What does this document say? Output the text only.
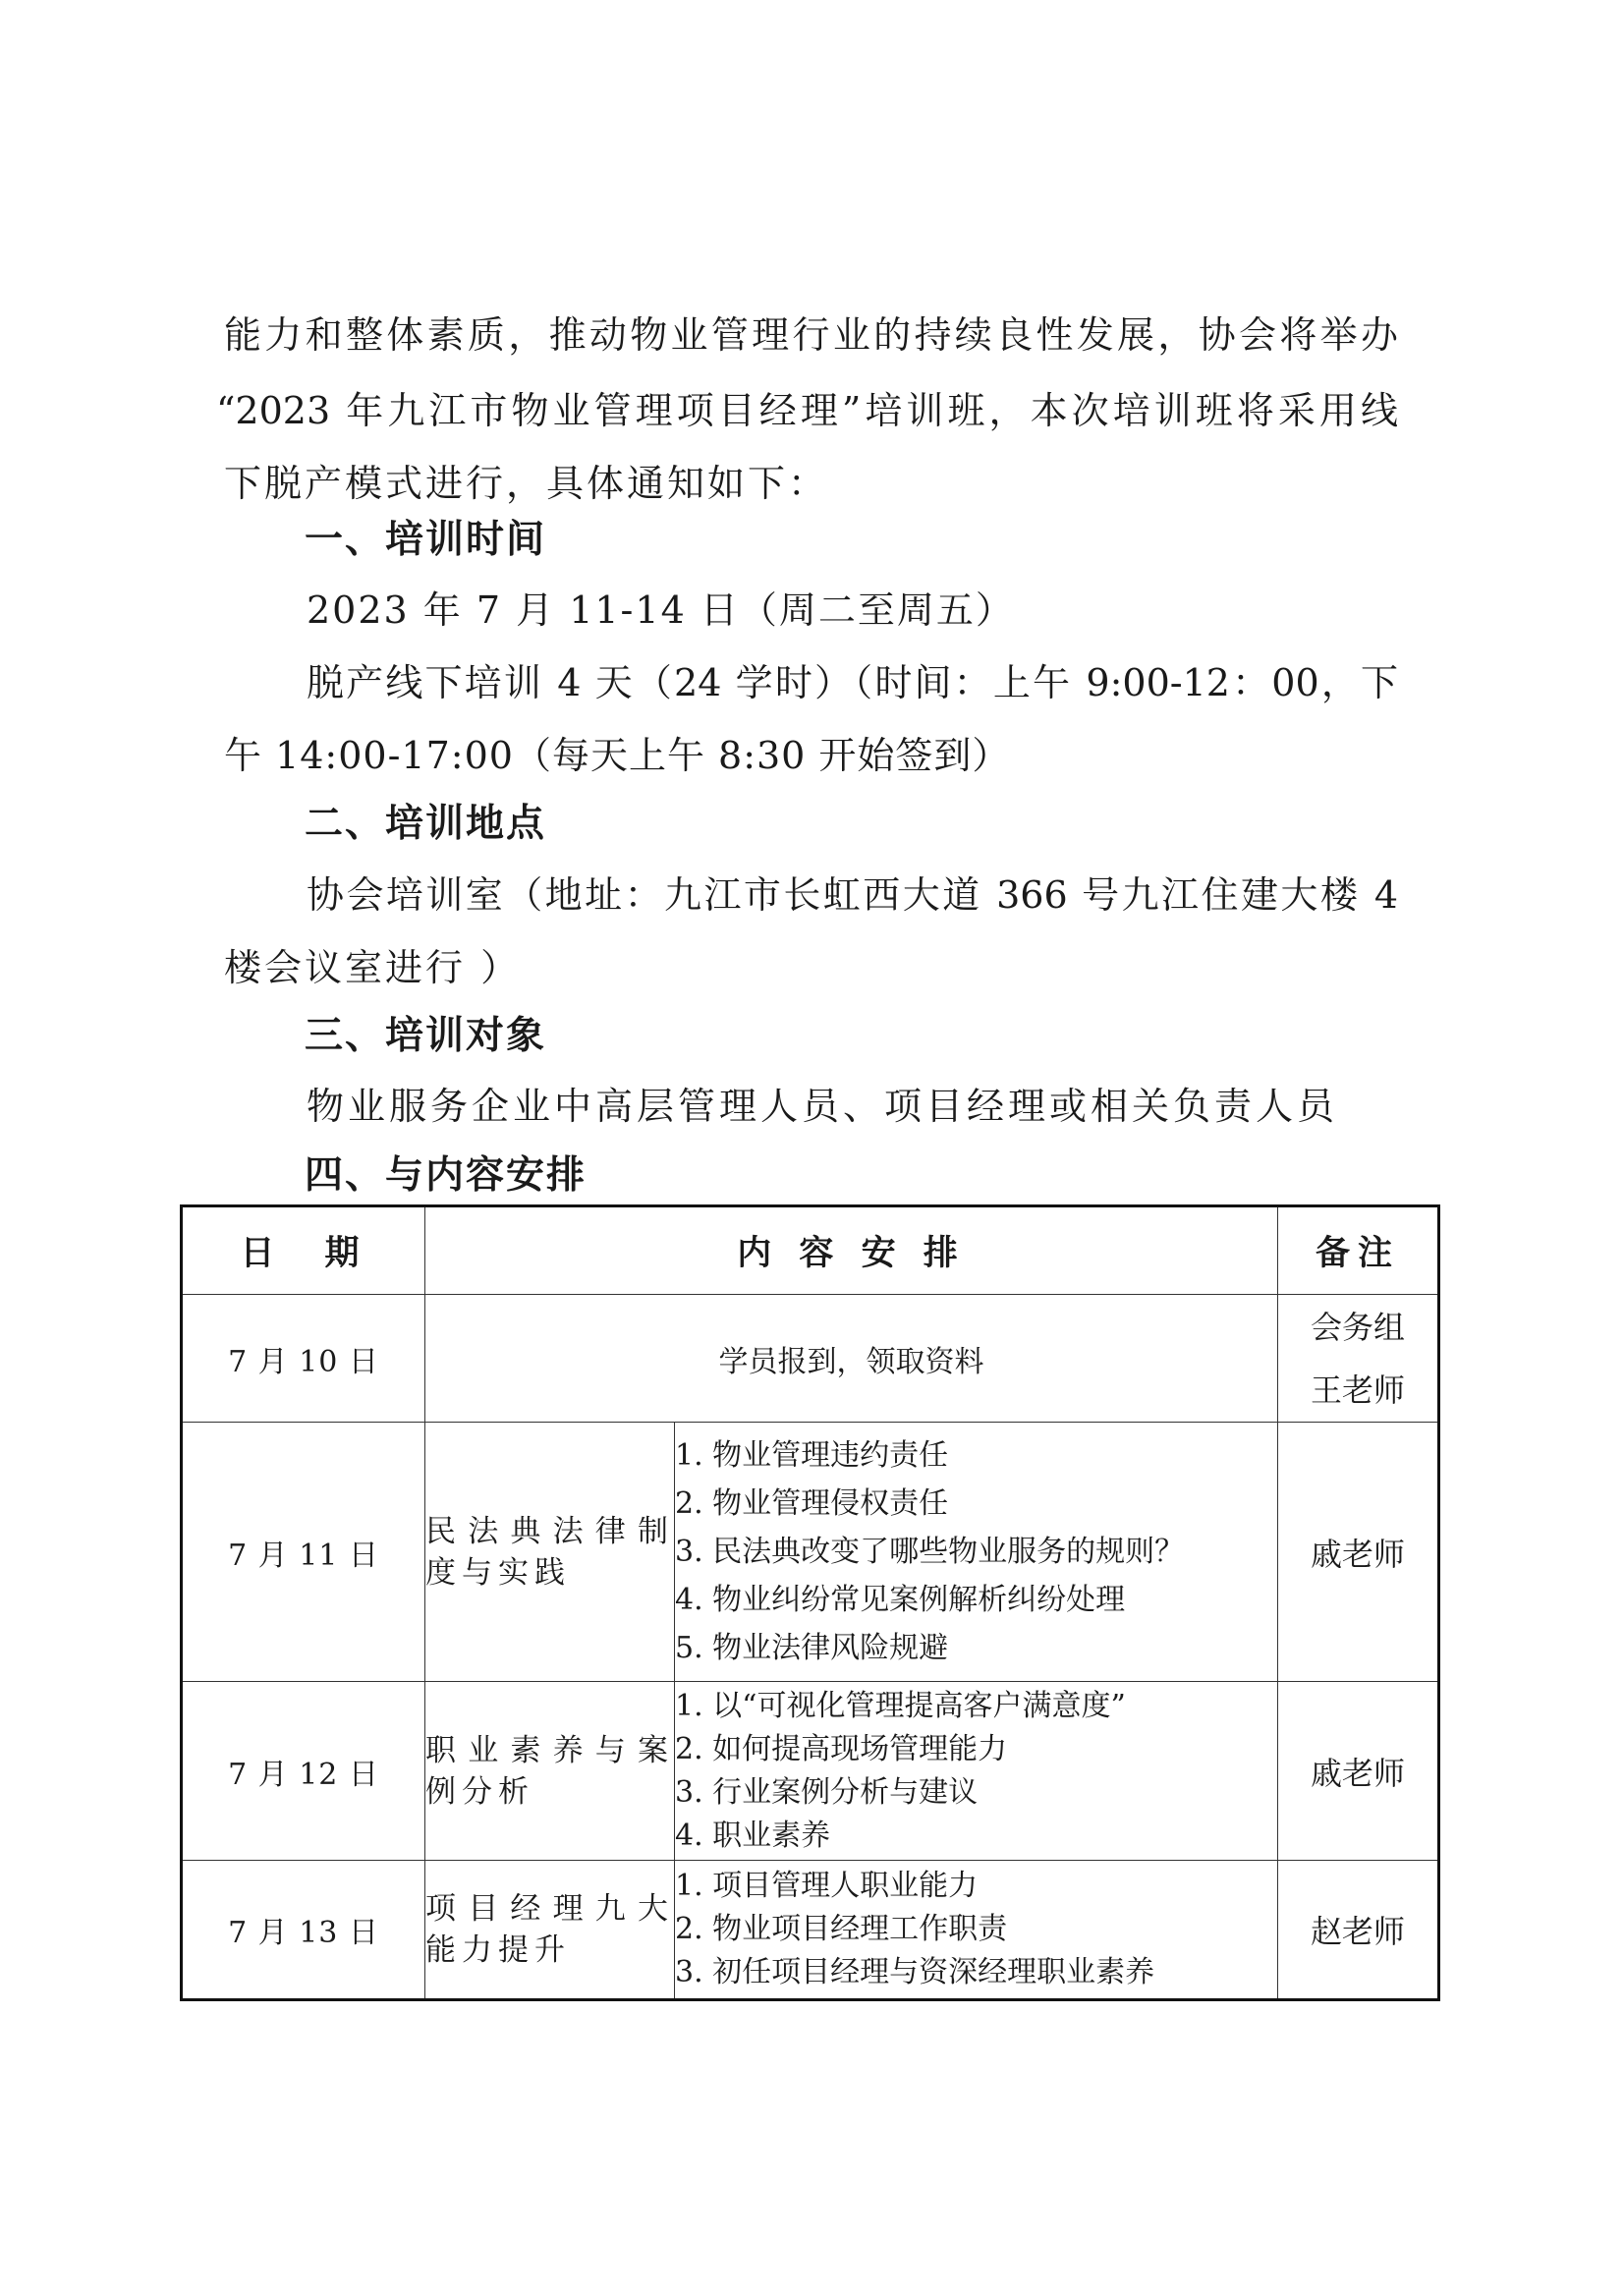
能力和整体素质，推动物业管理行业的持续良性发展，协会将举办
“2023 年九江市物业管理项目经理”培训班，本次培训班将采用线
下脱产模式进行，具体通知如下：
一、培训时间
2023 年 7 月 11-14 日（周二至周五）
脱产线下培训 4 天（24 学时）（时间：上午 9:00-12：00，下
午 14:00-17:00（每天上午 8:30 开始签到）
二、培训地点
协会培训室（地址：九江市长虹西大道 366 号九江住建大楼 4
楼会议室进行 ）
三、培训对象
物业服务企业中高层管理人员、项目经理或相关负责人员
四、与内容安排
日　期	内 容 安 排		备注
7 月 10 日	学员报到，领取资料		会务组
王老师

7 月 11 日	民法典法律制度与实践	1. 物业管理违约责任
2. 物业管理侵权责任
3. 民法典改变了哪些物业服务的规则？
4. 物业纠纷常见案例解析纠纷处理
5. 物业法律风险规避	戚老师
7 月 12 日	职业素养与案例分析	1. 以“可视化管理提高客户满意度”
2. 如何提高现场管理能力
3. 行业案例分析与建议
4. 职业素养	戚老师
7 月 13 日	项目经理九大能力提升	1. 项目管理人职业能力
2. 物业项目经理工作职责
3. 初任项目经理与资深经理职业素养	赵老师
